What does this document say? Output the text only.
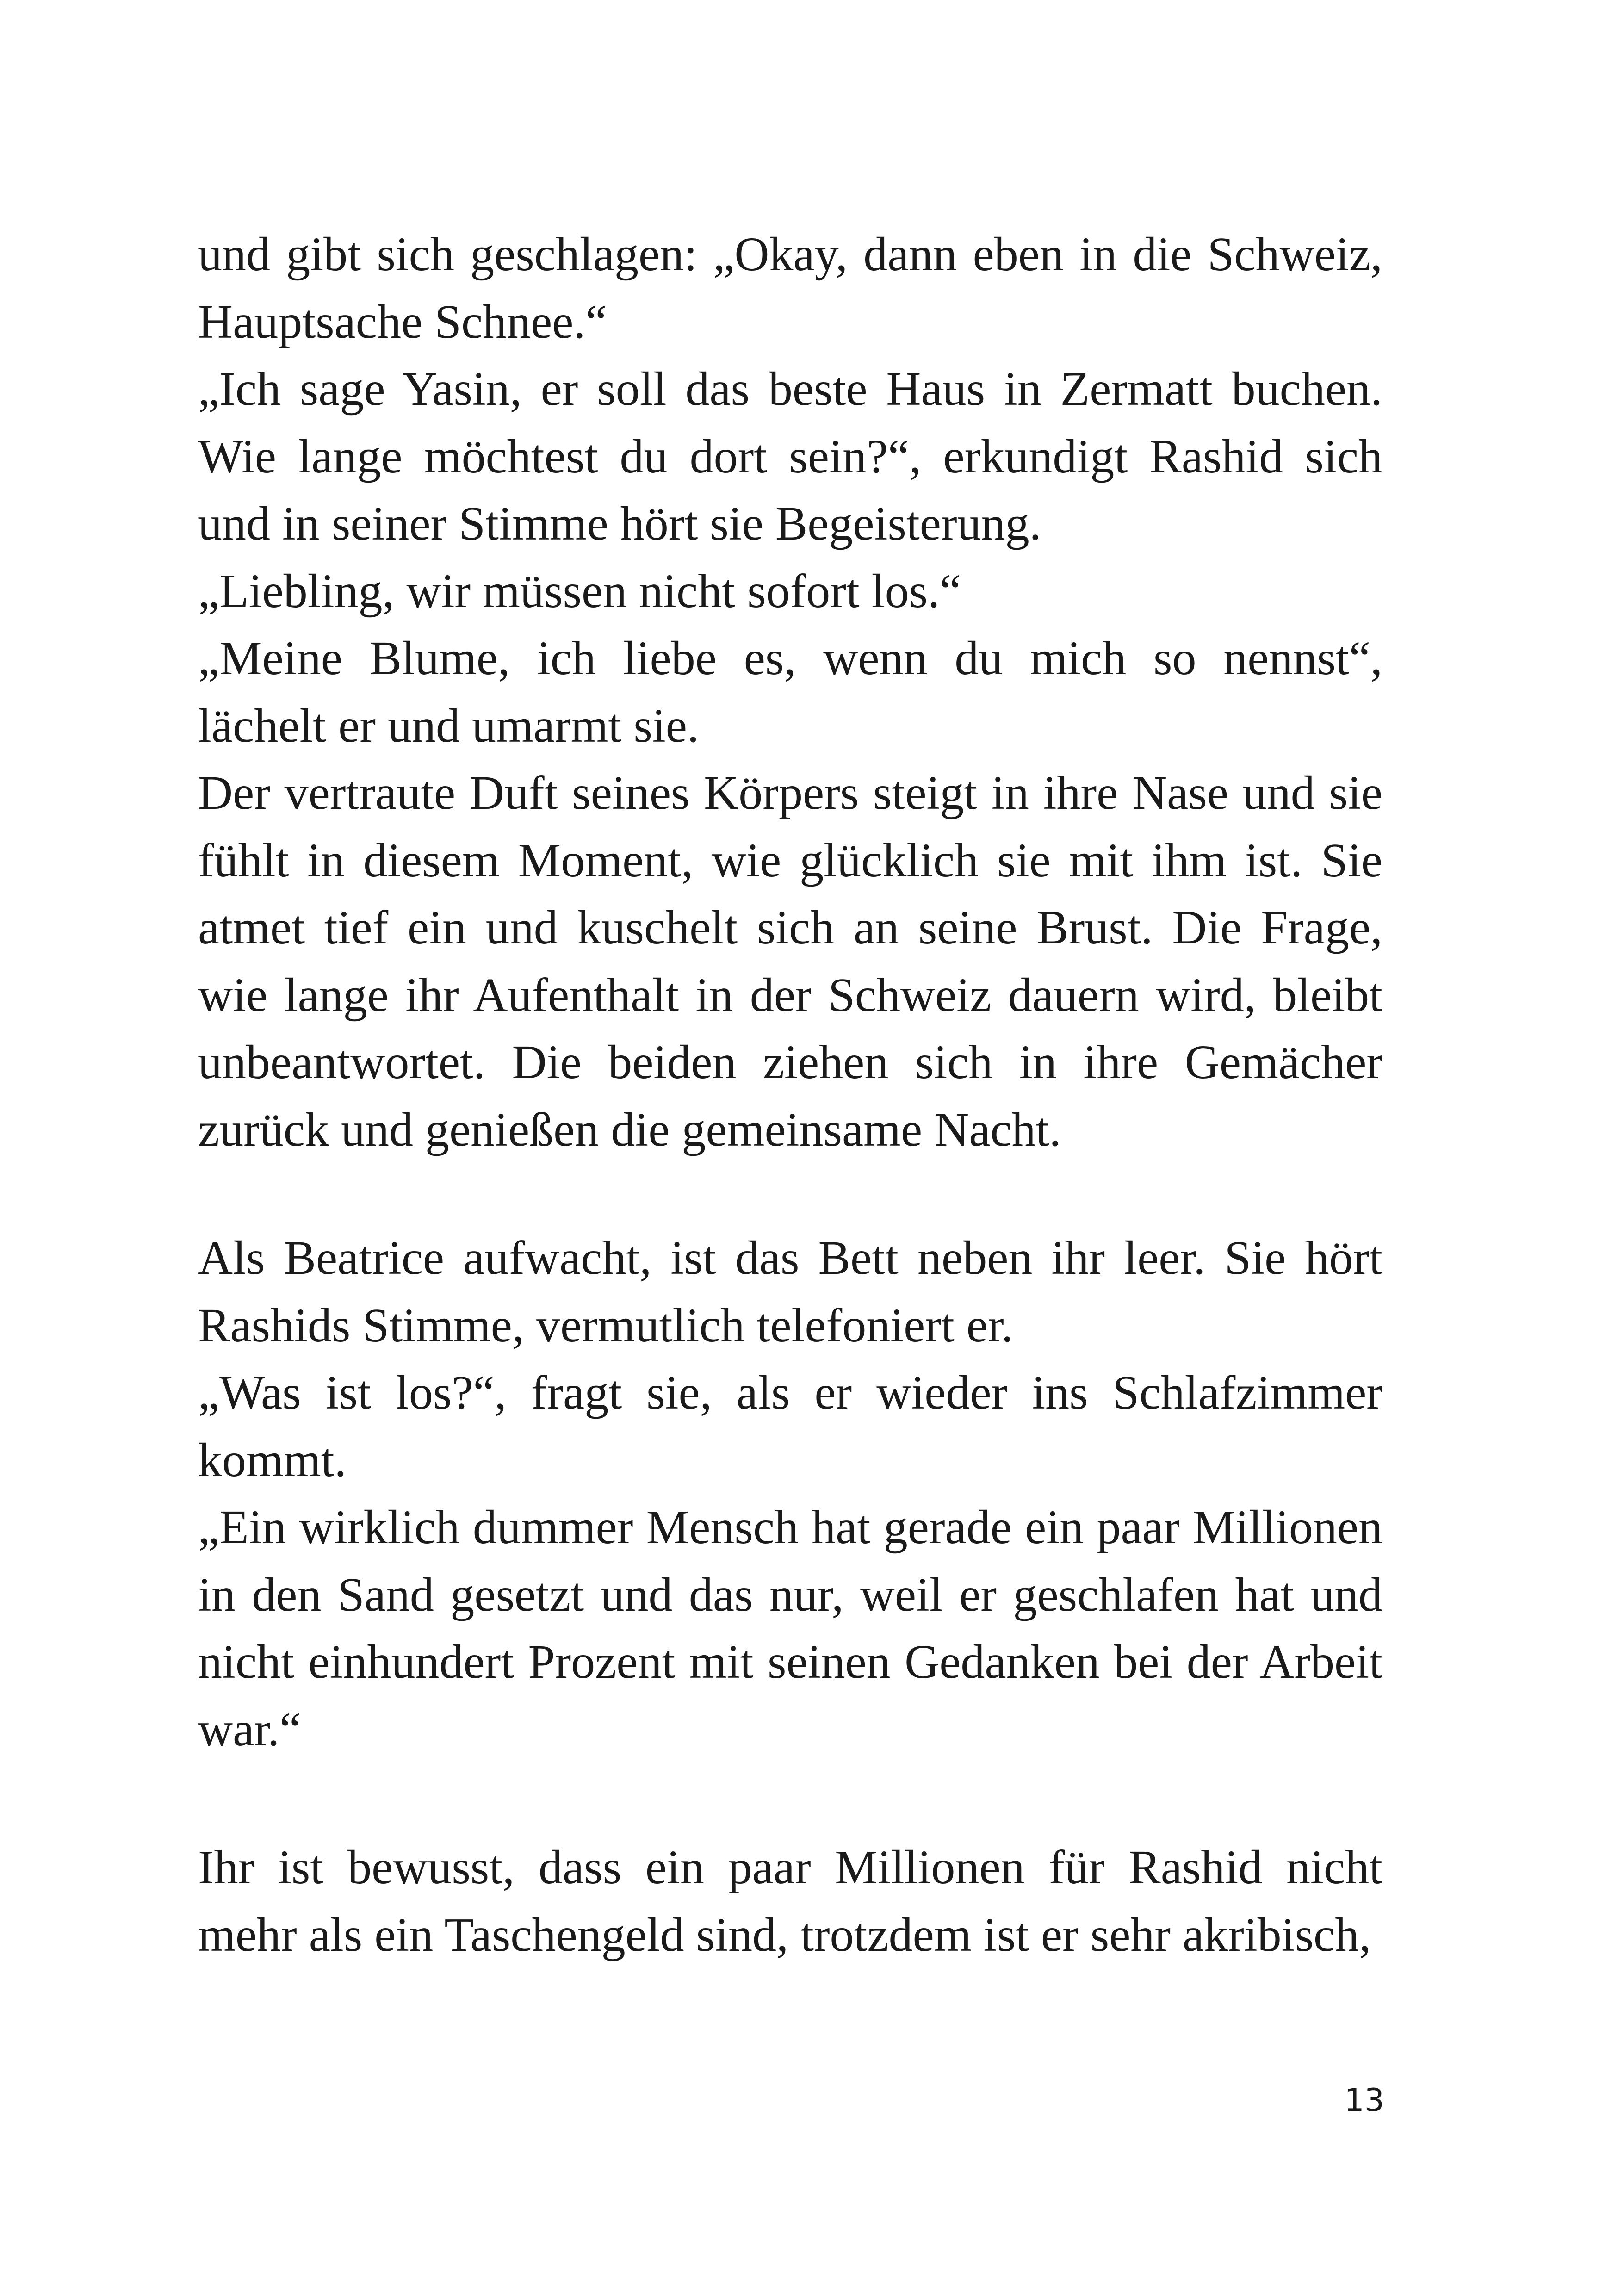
und gibt sich geschlagen: „Okay, dann eben in die Schweiz, Hauptsache Schnee.“

„Ich sage Yasin, er soll das beste Haus in Zermatt buchen. Wie lange möchtest du dort sein?“, erkundigt Rashid sich und in seiner Stimme hört sie Begeisterung.

„Liebling, wir müssen nicht sofort los.“

„Meine Blume, ich liebe es, wenn du mich so nennst“, lächelt er und umarmt sie.

Der vertraute Duft seines Körpers steigt in ihre Nase und sie fühlt in diesem Moment, wie glücklich sie mit ihm ist. Sie atmet tief ein und kuschelt sich an seine Brust. Die Frage, wie lange ihr Aufenthalt in der Schweiz dauern wird, bleibt unbeantwortet. Die beiden ziehen sich in ihre Gemächer zurück und genießen die gemeinsame Nacht.

Als Beatrice aufwacht, ist das Bett neben ihr leer. Sie hört Rashids Stimme, vermutlich telefoniert er.

„Was ist los?“, fragt sie, als er wieder ins Schlafzimmer kommt.

„Ein wirklich dummer Mensch hat gerade ein paar Millionen in den Sand gesetzt und das nur, weil er geschlafen hat und nicht einhundert Prozent mit seinen Gedanken bei der Arbeit war.“

Ihr ist bewusst, dass ein paar Millionen für Rashid nicht mehr als ein Taschengeld sind, trotzdem ist er sehr akribisch,

13
